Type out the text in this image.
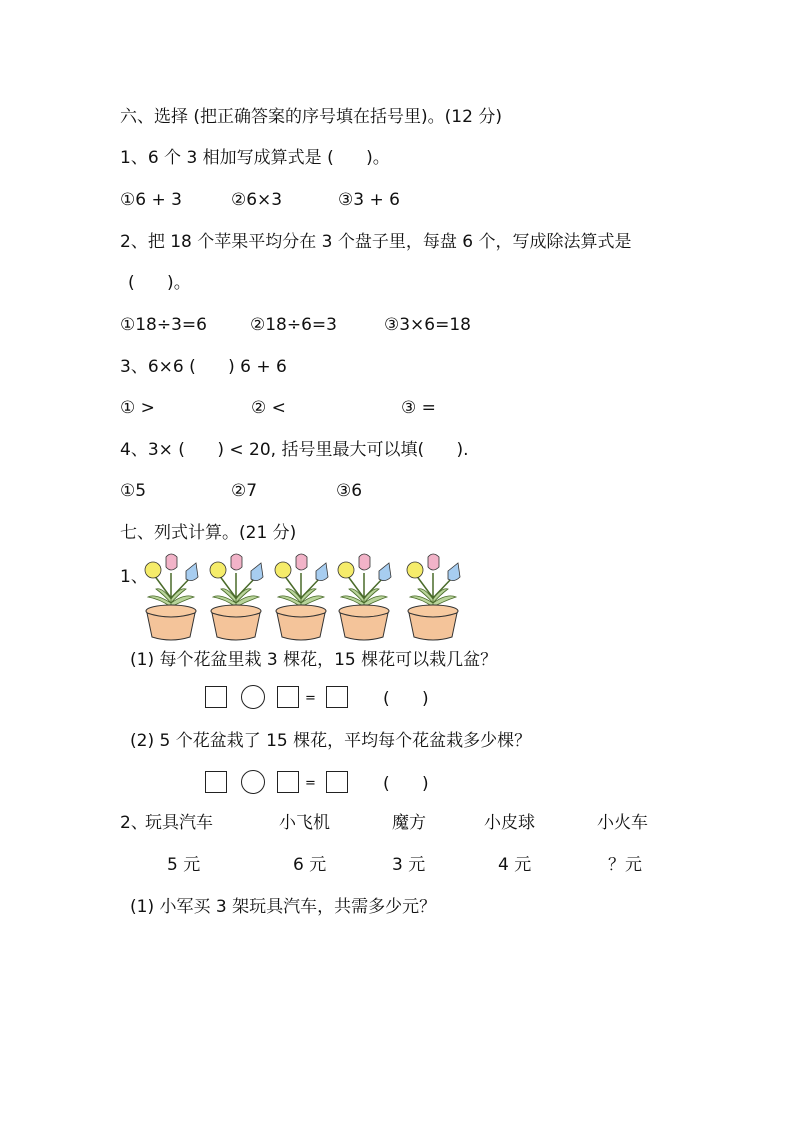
六、选择 (把正确答案的序号填在括号里)。(12 分)
1、6 个 3 相加写成算式是 (      )。
①6 + 3	②6×3	③3 + 6
2、把 18 个苹果平均分在 3 个盘子里，每盘 6 个，写成除法算式是
(      )。
①18÷3=6	②18÷6=3	③3×6=18
3、6×6 (      ) 6 + 6
① >	② <	③ =
4、3× (      ) < 20, 括号里最大可以填(      ).
①5	②7	③6
七、列式计算。(21 分)
1、
(1) 每个花盆里栽 3 棵花，15 棵花可以栽几盆？
=	(      )
(2) 5 个花盆栽了 15 棵花，平均每个花盆栽多少棵？
=	(      )
2、
玩具汽车	小飞机	魔方	小皮球	小火车
5 元	6 元	3 元	4 元	？元
(1) 小军买 3 架玩具汽车，共需多少元？
